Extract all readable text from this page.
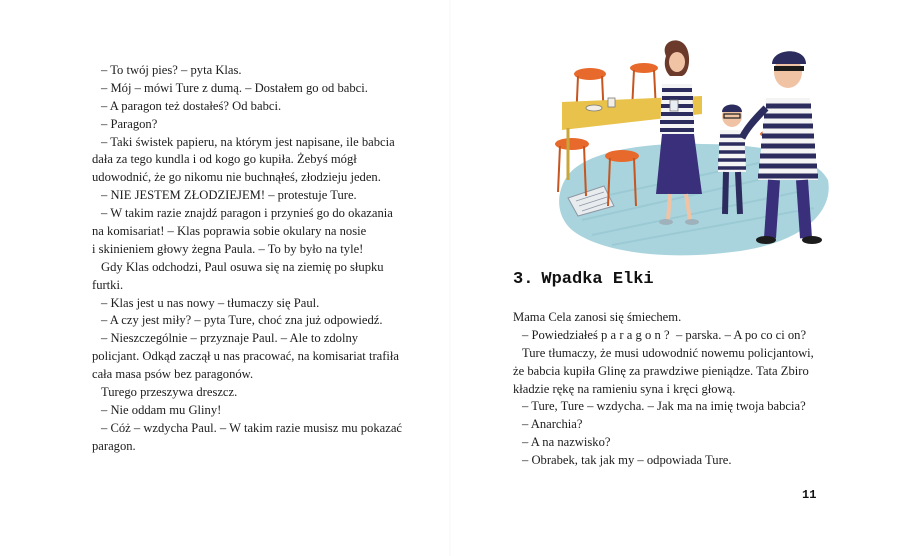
– To twój pies? – pyta Klas.
– Mój – mówi Ture z dumą. – Dostałem go od babci.
– A paragon też dostałeś? Od babci.
– Paragon?
– Taki świstek papieru, na którym jest napisane, ile babcia
dała za tego kundla i od kogo go kupiła. Żebyś mógł
udowodnić, że go nikomu nie buchnąłeś, złodzieju jeden.
– NIE JESTEM ZŁODZIEJEM! – protestuje Ture.
– W takim razie znajdź paragon i przynieś go do okazania
na komisariat! – Klas poprawia sobie okulary na nosie
i skinieniem głowy żegna Paula. – To by było na tyle!
Gdy Klas odchodzi, Paul osuwa się na ziemię po słupku
furtki.
– Klas jest u nas nowy – tłumaczy się Paul.
– A czy jest miły? – pyta Ture, choć zna już odpowiedź.
– Nieszczególnie – przyznaje Paul. – Ale to zdolny
policjant. Odkąd zaczął u nas pracować, na komisariat trafiła
cała masa psów bez paragonów.
Turego przeszywa dreszcz.
– Nie oddam mu Gliny!
– Cóż – wzdycha Paul. – W takim razie musisz mu pokazać
paragon.
3. Wpadka Elki
Mama Cela zanosi się śmiechem.
– Powiedziałeś paragon? – parska. – A po co ci on?
Ture tłumaczy, że musi udowodnić nowemu policjantowi,
że babcia kupiła Glinę za prawdziwe pieniądze. Tata Zbiro
kładzie rękę na ramieniu syna i kręci głową.
– Ture, Ture – wzdycha. – Jak ma na imię twoja babcia?
– Anarchia?
– A na nazwisko?
– Obrabek, tak jak my – odpowiada Ture.
11
